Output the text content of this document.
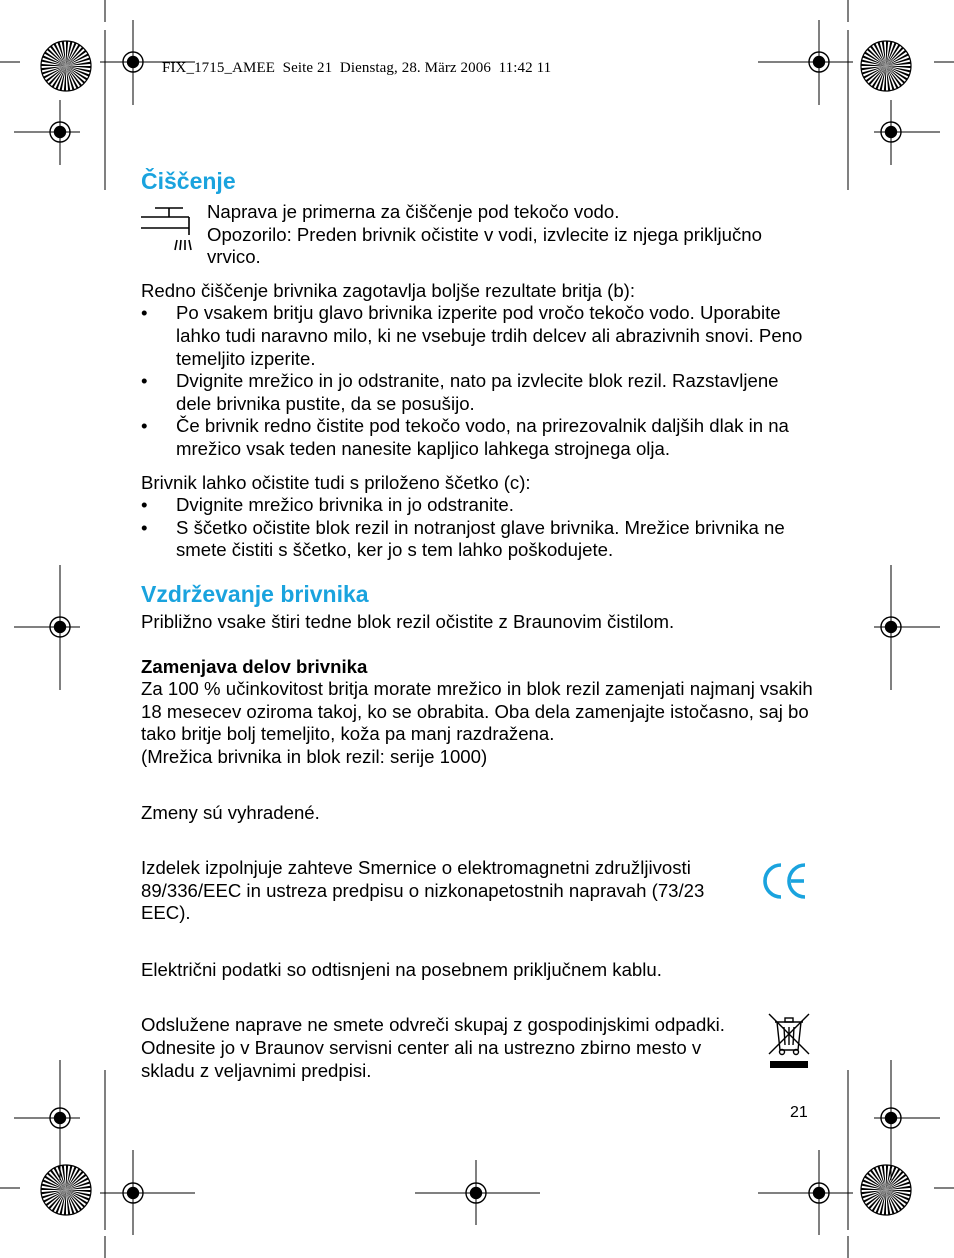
FIX_1715_AMEE  Seite 21  Dienstag, 28. März 2006  11:42 11
Čiščenje

Naprava je primerna za čiščenje pod tekočo vodo.

Opozorilo: Preden brivnik očistite v vodi, izvlecite iz njega priključno vrvico.

Redno čiščenje brivnika zagotavlja boljše rezultate britja (b):

• Po vsakem britju glavo brivnika izperite pod vročo tekočo vodo. Uporabite lahko tudi naravno milo, ki ne vsebuje trdih delcev ali abrazivnih snovi. Peno temeljito izperite.
• Dvignite mrežico in jo odstranite, nato pa izvlecite blok rezil. Razstavljene dele brivnika pustite, da se posušijo.
• Če brivnik redno čistite pod tekočo vodo, na prirezovalnik daljših dlak in na mrežico vsak teden nanesite kapljico lahkega strojnega olja.

Brivnik lahko očistite tudi s priloženo ščetko (c):

• Dvignite mrežico brivnika in jo odstranite.
• S ščetko očistite blok rezil in notranjost glave brivnika. Mrežice brivnika ne smete čistiti s ščetko, ker jo s tem lahko poškodujete.
Vzdrževanje brivnika

Približno vsake štiri tedne blok rezil očistite z Braunovim čistilom.

Zamenjava delov brivnika

Za 100 % učinkovitost britja morate mrežico in blok rezil zamenjati najmanj vsakih 18 mesecev oziroma takoj, ko se obrabita. Oba dela zamenjajte istočasno, saj bo tako britje bolj temeljito, koža pa manj razdražena.

(Mrežica brivnika in blok rezil: serije 1000)

Zmeny sú vyhradené.

Izdelek izpolnjuje zahteve Smernice o elektromagnetni združljivosti 89/336/EEC in ustreza predpisu o nizkonapetostnih napravah (73/23 EEC).

Električni podatki so odtisnjeni na posebnem priključnem kablu.

Odslužene naprave ne smete odvreči skupaj z gospodinjskimi odpadki. Odnesite jo v Braunov servisni center ali na ustrezno zbirno mesto v skladu z veljavnimi predpisi.

21
